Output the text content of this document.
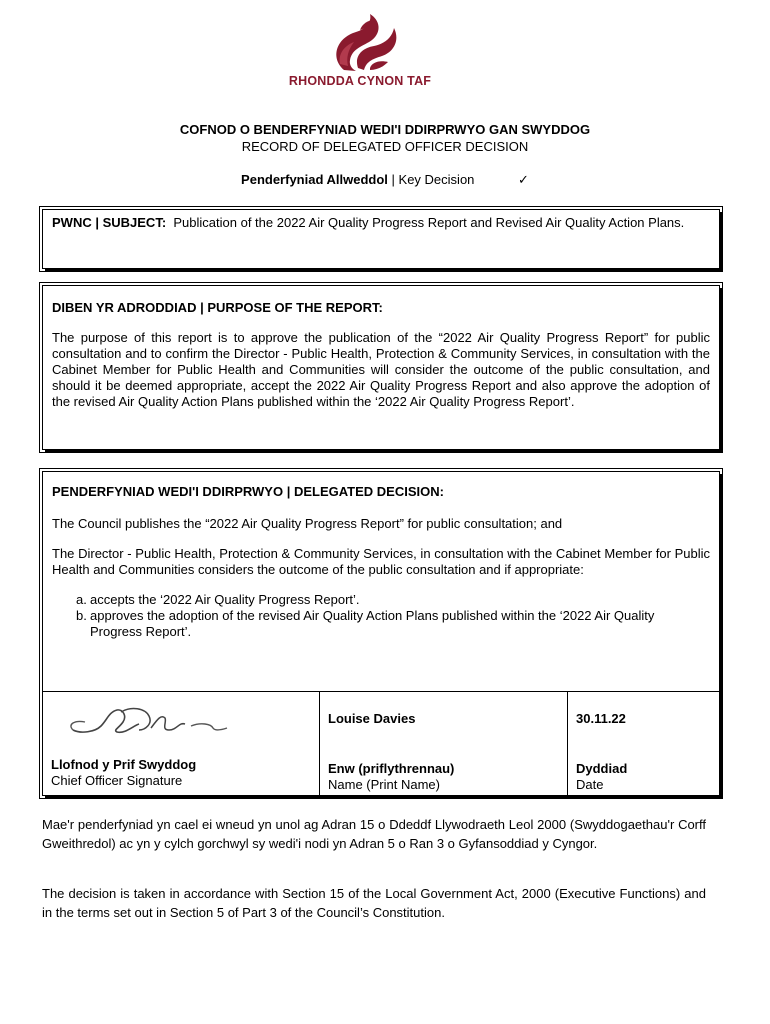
RHONDDA CYNON TAF
COFNOD O BENDERFYNIAD WEDI'I DDIRPRWYO GAN SWYDDOG
RECORD OF DELEGATED OFFICER DECISION
Penderfyniad Allweddol | Key Decision	✓

PWNC | SUBJECT: Publication of the 2022 Air Quality Progress Report and Revised Air Quality Action Plans.

DIBEN YR ADRODDIAD | PURPOSE OF THE REPORT:

The purpose of this report is to approve the publication of the “2022 Air Quality Progress Report” for public consultation and to confirm the Director - Public Health, Protection & Community Services, in consultation with the Cabinet Member for Public Health and Communities will consider the outcome of the public consultation, and should it be deemed appropriate, accept the 2022 Air Quality Progress Report and also approve the adoption of the revised Air Quality Action Plans published within the ‘2022 Air Quality Progress Report’.

PENDERFYNIAD WEDI'I DDIRPRWYO | DELEGATED DECISION:

The Council publishes the “2022 Air Quality Progress Report” for public consultation; and

The Director - Public Health, Protection & Community Services, in consultation with the Cabinet Member for Public Health and Communities considers the outcome of the public consultation and if appropriate:

a. accepts the ‘2022 Air Quality Progress Report’.
b. approves the adoption of the revised Air Quality Action Plans published within the ‘2022 Air Quality Progress Report’.
Llofnod y Prif Swyddog
Chief Officer Signature
Louise Davies
Enw (priflythrennau)
Name (Print Name)
30.11.22
Dyddiad
Date

Mae'r penderfyniad yn cael ei wneud yn unol ag Adran 15 o Ddeddf Llywodraeth Leol 2000 (Swyddogaethau'r Corff Gweithredol) ac yn y cylch gorchwyl sy wedi'i nodi yn Adran 5 o Ran 3 o Gyfansoddiad y Cyngor.

The decision is taken in accordance with Section 15 of the Local Government Act, 2000 (Executive Functions) and in the terms set out in Section 5 of Part 3 of the Council’s Constitution.
